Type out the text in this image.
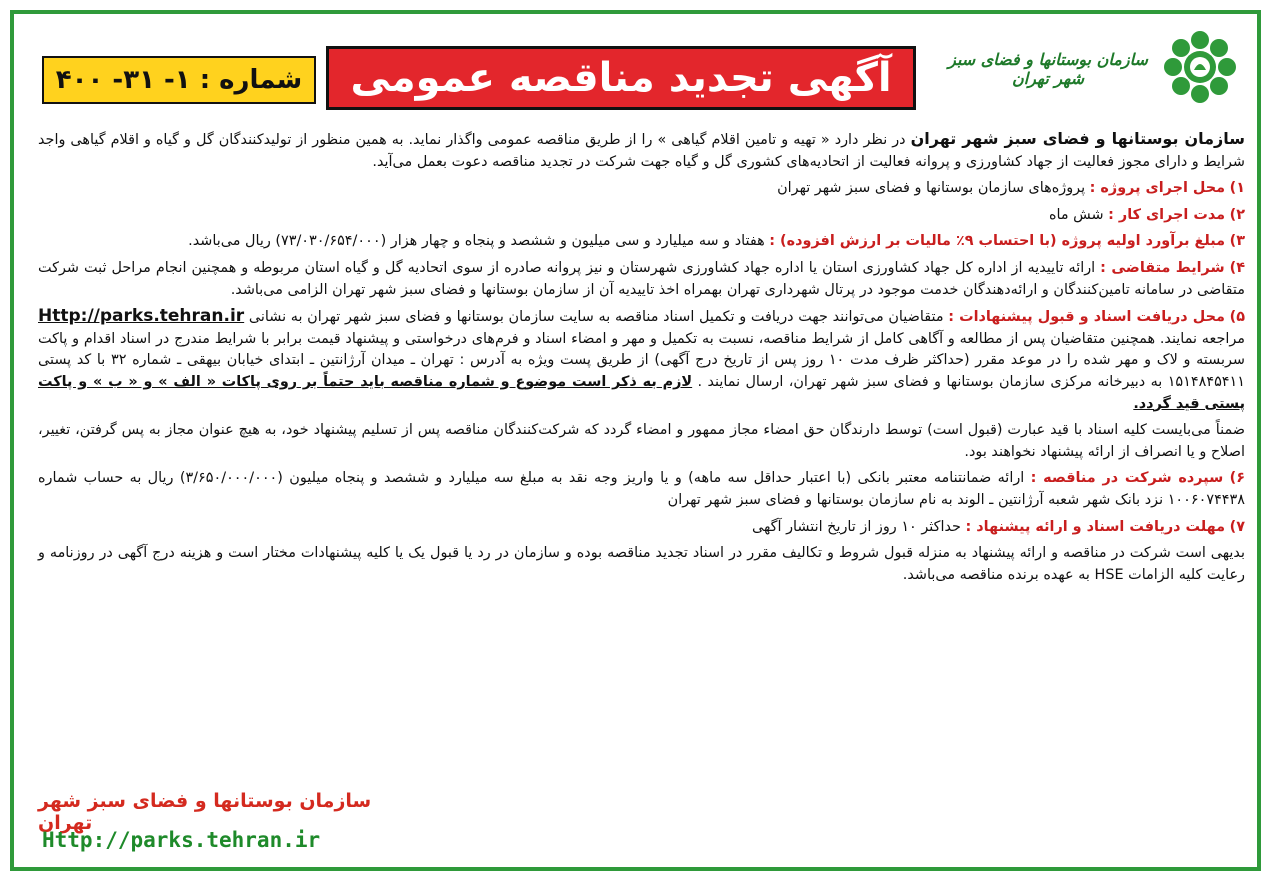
سازمان بوستانها و فضای سبز شهر تهران
آگهی تجدید مناقصه عمومی
شماره : ۱- ۳۱- ۴۰۰

سازمان بوستانها و فضای سبز شهر تهران در نظر دارد « تهیه و تامین اقلام گیاهی » را از طریق مناقصه عمومی واگذار نماید. به همین منظور از تولیدکنندگان گل و گیاه و اقلام گیاهی واجد شرایط و دارای مجوز فعالیت از جهاد کشاورزی و پروانه فعالیت از اتحادیه‌های کشوری گل و گیاه جهت شرکت در تجدید مناقصه دعوت بعمل می‌آید.

۱) محل اجرای پروژه : پروژه‌های سازمان بوستانها و فضای سبز شهر تهران

۲) مدت اجرای کار : شش ماه

۳) مبلغ برآورد اولیه پروژه (با احتساب ۹٪ مالیات بر ارزش افزوده) : هفتاد و سه میلیارد و سی میلیون و ششصد و پنجاه و چهار هزار (۷۳/۰۳۰/۶۵۴/۰۰۰) ریال می‌باشد.

۴) شرایط متقاضی : ارائه تاییدیه از اداره کل جهاد کشاورزی استان یا اداره جهاد کشاورزی شهرستان و نیز پروانه صادره از سوی اتحادیه گل و گیاه استان مربوطه و همچنین انجام مراحل ثبت شرکت متقاضی در سامانه تامین‌کنندگان و ارائه‌دهندگان خدمت موجود در پرتال شهرداری تهران بهمراه اخذ تاییدیه آن از سازمان بوستانها و فضای سبز شهر تهران الزامی می‌باشد.

۵) محل دریافت اسناد و قبول پیشنهادات : متقاضیان می‌توانند جهت دریافت و تکمیل اسناد مناقصه به سایت سازمان بوستانها و فضای سبز شهر تهران به نشانی Http://parks.tehran.ir مراجعه نمایند. همچنین متقاضیان پس از مطالعه و آگاهی کامل از شرایط مناقصه، نسبت به تکمیل و مهر و امضاء اسناد و فرم‌های درخواستی و پیشنهاد قیمت برابر با شرایط مندرج در اسناد اقدام و پاکت سربسته و لاک و مهر شده را در موعد مقرر (حداکثر ظرف مدت ۱۰ روز پس از تاریخ درج آگهی) از طریق پست ویژه به آدرس : تهران ـ میدان آرژانتین ـ ابتدای خیابان بیهقی ـ شماره ۳۲ با کد پستی ۱۵۱۴۸۴۵۴۱۱ به دبیرخانه مرکزی سازمان بوستانها و فضای سبز شهر تهران، ارسال نمایند . لازم به ذکر است موضوع و شماره مناقصه باید حتماً بر روی پاکات « الف » و « ب » و پاکت پستی قید گردد.

ضمناً می‌بایست کلیه اسناد با قید عبارت (قبول است) توسط دارندگان حق امضاء مجاز ممهور و امضاء گردد که شرکت‌کنندگان مناقصه پس از تسلیم پیشنهاد خود، به هیچ عنوان مجاز به پس گرفتن، تغییر، اصلاح و یا انصراف از ارائه پیشنهاد نخواهند بود.

۶) سپرده شرکت در مناقصه : ارائه ضمانتنامه معتبر بانکی (با اعتبار حداقل سه ماهه) و یا واریز وجه نقد به مبلغ سه میلیارد و ششصد و پنجاه میلیون (۳/۶۵۰/۰۰۰/۰۰۰) ریال به حساب شماره ۱۰۰۶۰۷۴۴۳۸ نزد بانک شهر شعبه آرژانتین ـ الوند به نام سازمان بوستانها و فضای سبز شهر تهران

۷) مهلت دریافت اسناد و ارائه پیشنهاد : حداکثر ۱۰ روز از تاریخ انتشار آگهی

بدیهی است شرکت در مناقصه و ارائه پیشنهاد به منزله قبول شروط و تکالیف مقرر در اسناد تجدید مناقصه بوده و سازمان در رد یا قبول یک یا کلیه پیشنهادات مختار است و هزینه درج آگهی در روزنامه و رعایت کلیه الزامات HSE به عهده برنده مناقصه می‌باشد.

سازمان بوستانها و فضای سبز شهر تهران
Http://parks.tehran.ir
